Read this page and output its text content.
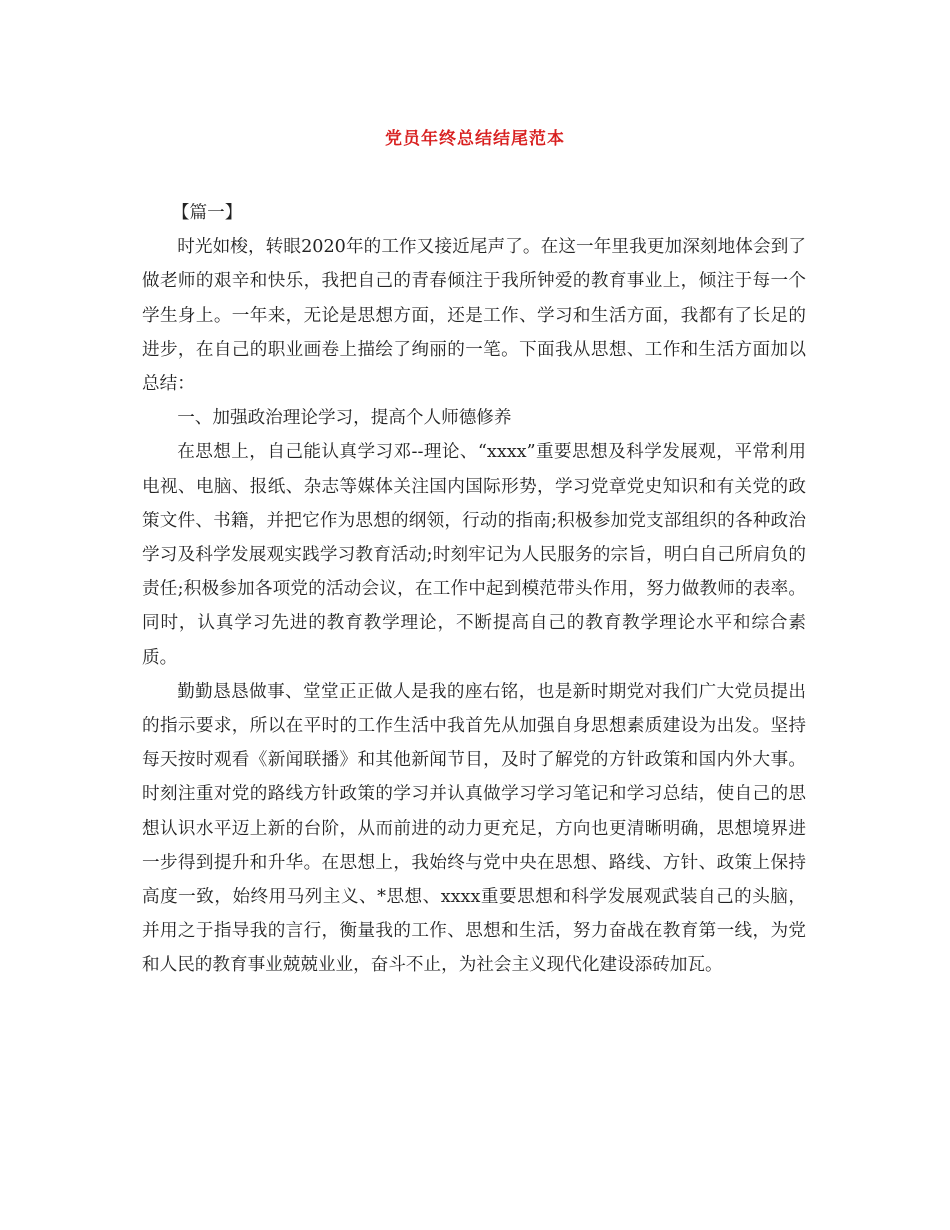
党员年终总结结尾范本

【篇一】

时光如梭，转眼2020年的工作又接近尾声了。在这一年里我更加深刻地体会到了做老师的艰辛和快乐，我把自己的青春倾注于我所钟爱的教育事业上，倾注于每一个学生身上。一年来，无论是思想方面，还是工作、学习和生活方面，我都有了长足的进步，在自己的职业画卷上描绘了绚丽的一笔。下面我从思想、工作和生活方面加以总结：

一、加强政治理论学习，提高个人师德修养

在思想上，自己能认真学习邓--理论、“xxxx”重要思想及科学发展观，平常利用电视、电脑、报纸、杂志等媒体关注国内国际形势，学习党章党史知识和有关党的政策文件、书籍，并把它作为思想的纲领，行动的指南;积极参加党支部组织的各种政治学习及科学发展观实践学习教育活动;时刻牢记为人民服务的宗旨，明白自己所肩负的责任;积极参加各项党的活动会议，在工作中起到模范带头作用，努力做教师的表率。同时，认真学习先进的教育教学理论，不断提高自己的教育教学理论水平和综合素质。

勤勤恳恳做事、堂堂正正做人是我的座右铭，也是新时期党对我们广大党员提出的指示要求，所以在平时的工作生活中我首先从加强自身思想素质建设为出发。坚持每天按时观看《新闻联播》和其他新闻节目，及时了解党的方针政策和国内外大事。时刻注重对党的路线方针政策的学习并认真做学习学习笔记和学习总结，使自己的思想认识水平迈上新的台阶，从而前进的动力更充足，方向也更清晰明确，思想境界进一步得到提升和升华。在思想上，我始终与党中央在思想、路线、方针、政策上保持高度一致，始终用马列主义、*思想、xxxx重要思想和科学发展观武装自己的头脑，并用之于指导我的言行，衡量我的工作、思想和生活，努力奋战在教育第一线，为党和人民的教育事业兢兢业业，奋斗不止，为社会主义现代化建设添砖加瓦。
